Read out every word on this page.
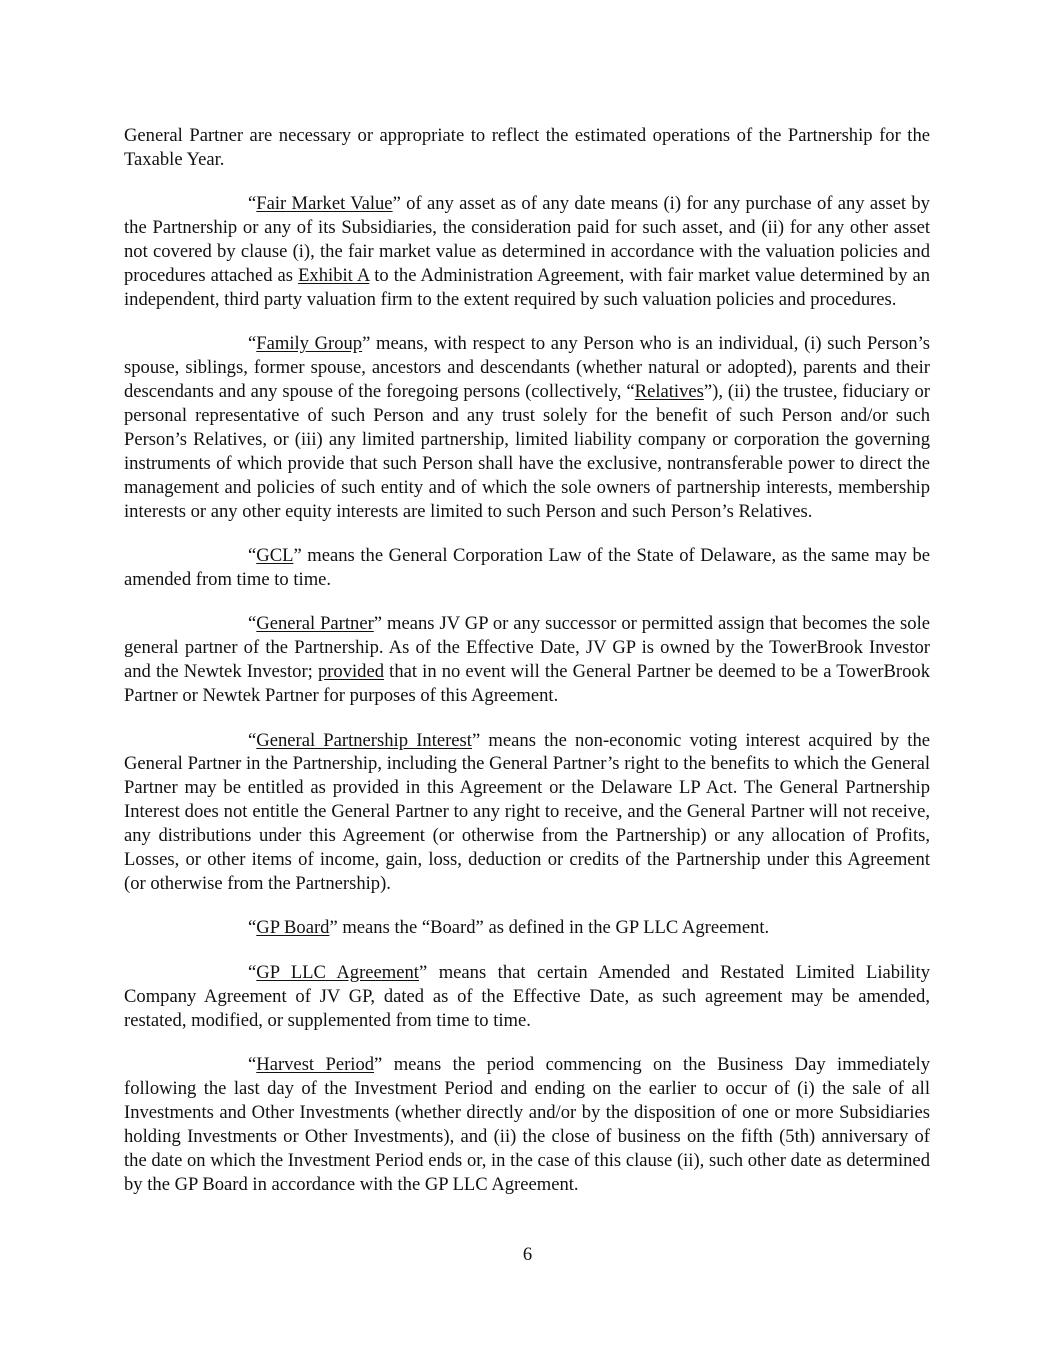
General Partner are necessary or appropriate to reflect the estimated operations of the Partnership for the Taxable Year.

“Fair Market Value” of any asset as of any date means (i) for any purchase of any asset by the Partnership or any of its Subsidiaries, the consideration paid for such asset, and (ii) for any other asset not covered by clause (i), the fair market value as determined in accordance with the valuation policies and procedures attached as Exhibit A to the Administration Agreement, with fair market value determined by an independent, third party valuation firm to the extent required by such valuation policies and procedures.

“Family Group” means, with respect to any Person who is an individual, (i) such Person’s spouse, siblings, former spouse, ancestors and descendants (whether natural or adopted), parents and their descendants and any spouse of the foregoing persons (collectively, “Relatives”), (ii) the trustee, fiduciary or personal representative of such Person and any trust solely for the benefit of such Person and/or such Person’s Relatives, or (iii) any limited partnership, limited liability company or corporation the governing instruments of which provide that such Person shall have the exclusive, nontransferable power to direct the management and policies of such entity and of which the sole owners of partnership interests, membership interests or any other equity interests are limited to such Person and such Person’s Relatives.

“GCL” means the General Corporation Law of the State of Delaware, as the same may be amended from time to time.

“General Partner” means JV GP or any successor or permitted assign that becomes the sole general partner of the Partnership. As of the Effective Date, JV GP is owned by the TowerBrook Investor and the Newtek Investor; provided that in no event will the General Partner be deemed to be a TowerBrook Partner or Newtek Partner for purposes of this Agreement.

“General Partnership Interest” means the non-economic voting interest acquired by the General Partner in the Partnership, including the General Partner’s right to the benefits to which the General Partner may be entitled as provided in this Agreement or the Delaware LP Act. The General Partnership Interest does not entitle the General Partner to any right to receive, and the General Partner will not receive, any distributions under this Agreement (or otherwise from the Partnership) or any allocation of Profits, Losses, or other items of income, gain, loss, deduction or credits of the Partnership under this Agreement (or otherwise from the Partnership).

“GP Board” means the “Board” as defined in the GP LLC Agreement.

“GP LLC Agreement” means that certain Amended and Restated Limited Liability Company Agreement of JV GP, dated as of the Effective Date, as such agreement may be amended, restated, modified, or supplemented from time to time.

“Harvest Period” means the period commencing on the Business Day immediately following the last day of the Investment Period and ending on the earlier to occur of (i) the sale of all Investments and Other Investments (whether directly and/or by the disposition of one or more Subsidiaries holding Investments or Other Investments), and (ii) the close of business on the fifth (5th) anniversary of the date on which the Investment Period ends or, in the case of this clause (ii), such other date as determined by the GP Board in accordance with the GP LLC Agreement.

6
